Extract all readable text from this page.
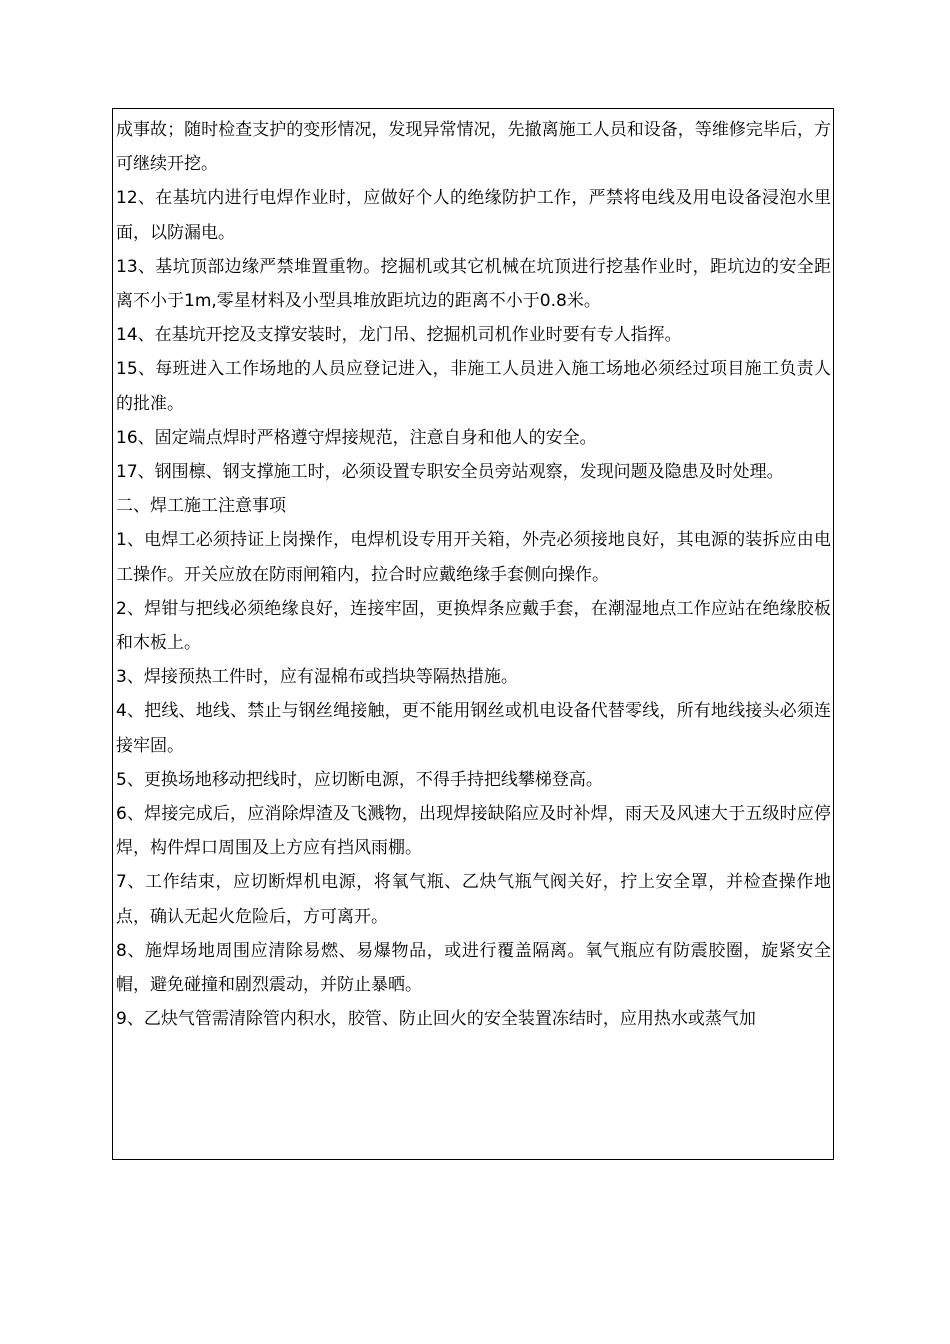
成事故；随时检查支护的变形情况，发现异常情况，先撤离施工人员和设备，等维修完毕后，方可继续开挖。

12、在基坑内进行电焊作业时，应做好个人的绝缘防护工作，严禁将电线及用电设备浸泡水里面，以防漏电。

13、基坑顶部边缘严禁堆置重物。挖掘机或其它机械在坑顶进行挖基作业时，距坑边的安全距离不小于1m,零星材料及小型具堆放距坑边的距离不小于0.8米。

14、在基坑开挖及支撑安装时，龙门吊、挖掘机司机作业时要有专人指挥。

15、每班进入工作场地的人员应登记进入，非施工人员进入施工场地必须经过项目施工负责人的批准。

16、固定端点焊时严格遵守焊接规范，注意自身和他人的安全。

17、钢围檩、钢支撑施工时，必须设置专职安全员旁站观察，发现问题及隐患及时处理。

二、焊工施工注意事项

1、电焊工必须持证上岗操作，电焊机设专用开关箱，外壳必须接地良好，其电源的装拆应由电工操作。开关应放在防雨闸箱内，拉合时应戴绝缘手套侧向操作。

2、焊钳与把线必须绝缘良好，连接牢固，更换焊条应戴手套，在潮湿地点工作应站在绝缘胶板和木板上。

3、焊接预热工件时，应有湿棉布或挡块等隔热措施。

4、把线、地线、禁止与钢丝绳接触，更不能用钢丝或机电设备代替零线，所有地线接头必须连接牢固。

5、更换场地移动把线时，应切断电源，不得手持把线攀梯登高。

6、焊接完成后，应消除焊渣及飞溅物，出现焊接缺陷应及时补焊，雨天及风速大于五级时应停焊，构件焊口周围及上方应有挡风雨棚。

7、工作结束，应切断焊机电源，将氧气瓶、乙炔气瓶气阀关好，拧上安全罩，并检查操作地点，确认无起火危险后，方可离开。

8、施焊场地周围应清除易燃、易爆物品，或进行覆盖隔离。氧气瓶应有防震胶圈，旋紧安全帽，避免碰撞和剧烈震动，并防止暴晒。

9、乙炔气管需清除管内积水，胶管、防止回火的安全装置冻结时，应用热水或蒸气加
